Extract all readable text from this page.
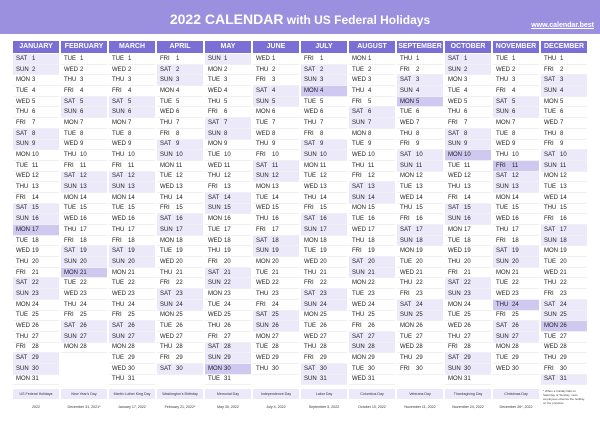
2022 CALENDAR with US Federal Holidays	www.calendar.best
JANUARY
SAT 1
SUN 2
MON 3
TUE 4
WED 5
THU 6
FRI	7
SAT 8
SUN 9
MON 10
TUE 11
WED 12
THU 13
FRI	14
SAT 15
SUN 16
MON 17
TUE 18
WED 19
THU 20
FRI	21
SAT 22
SUN 23
MON 24
TUE 25
WED 26
THU 27
FRI	28
SAT 29
SUN 30
MON 31
FEBRUARY
TUE 1
WED 2
THU 3
FRI	4
SAT 5
SUN 6
MON 7
TUE 8
WED 9
THU 10
FRI	11
SAT 12
SUN 13
MON 14
TUE 15
WED 16
THU 17
FRI	18
SAT 19
SUN 20
MON 21
TUE 22
WED 23
THU 24
FRI	25
SAT 26
SUN 27
MON 28
MARCH
TUE 1
WED 2
THU 3
FRI	4
SAT 5
SUN 6
MON 7
TUE 8
WED 9
THU 10
FRI	11
SAT 12
SUN 13
MON 14
TUE 15
WED 16
THU 17
FRI	18
SAT 19
SUN 20
MON 21
TUE 22
WED 23
THU 24
FRI	25
SAT 26
SUN 27
MON 28
TUE 29
WED 30
THU 31
APRIL
FRI	1
SAT 2
SUN 3
MON 4
TUE 5
WED 6
THU 7
FRI	8
SAT 9
SUN 10
MON 11
TUE 12
WED 13
THU 14
FRI	15
SAT 16
SUN 17
MON 18
TUE 19
WED 20
THU 21
FRI	22
SAT 23
SUN 24
MON 25
TUE 26
WED 27
THU 28
FRI	29
SAT 30
MAY
SUN 1
MON 2
TUE 3
WED 4
THU 5
FRI	6
SAT 7
SUN 8
MON 9
TUE 10
WED 11
THU 12
FRI	13
SAT 14
SUN 15
MON 16
TUE 17
WED 18
THU 19
FRI	20
SAT 21
SUN 22
MON 23
TUE 24
WED 25
THU 26
FRI	27
SAT 28
SUN 29
MON 30
TUE 31
JUNE
WED 1
THU 2
FRI	3
SAT 4
SUN 5
MON 6
TUE 7
WED 8
THU 9
FRI	10
SAT 11
SUN 12
MON 13
TUE 14
WED 15
THU 16
FRI	17
SAT 18
SUN 19
MON 20
TUE 21
WED 22
THU 23
FRI	24
SAT 25
SUN 26
MON 27
TUE 28
WED 29
THU 30
JULY
FRI	1
SAT 2
SUN 3
MON 4
TUE 5
WED 6
THU 7
FRI	8
SAT 9
SUN 10
MON 11
TUE 12
WED 13
THU 14
FRI	15
SAT 16
SUN 17
MON 18
TUE 19
WED 20
THU 21
FRI	22
SAT 23
SUN 24
MON 25
TUE 26
WED 27
THU 28
FRI	29
SAT 30
SUN 31
AUGUST
MON 1
TUE 2
WED 3
THU 4
FRI	5
SAT 6
SUN 7
MON 8
TUE 9
WED 10
THU 11
FRI	12
SAT 13
SUN 14
MON 15
TUE 16
WED 17
THU 18
FRI	19
SAT 20
SUN 21
MON 22
TUE 23
WED 24
THU 25
FRI	26
SAT 27
SUN 28
MON 29
TUE 30
WED 31
SEPTEMBER
THU 1
FRI	2
SAT 3
SUN 4
MON 5
TUE 6
WED 7
THU 8
FRI	9
SAT 10
SUN 11
MON 12
TUE 13
WED 14
THU 15
FRI	16
SAT 17
SUN 18
MON 19
TUE 20
WED 21
THU 22
FRI	23
SAT 24
SUN 25
MON 26
TUE 27
WED 28
THU 29
FRI	30
OCTOBER
SAT 1
SUN 2
MON 3
TUE 4
WED 5
THU 6
FRI	7
SAT 8
SUN 9
MON 10
TUE 11
WED 12
THU 13
FRI	14
SAT 15
SUN 16
MON 17
TUE 18
WED 19
THU 20
FRI	21
SAT 22
SUN 23
MON 24
TUE 25
WED 26
THU 27
FRI	28
SAT 29
SUN 30
MON 31
NOVEMBER
TUE 1
WED 2
THU 3
FRI	4
SAT 5
SUN 6
MON 7
TUE 8
WED 9
THU 10
FRI	11
SAT 12
SUN 13
MON 14
TUE 15
WED 16
THU 17
FRI	18
SAT 19
SUN 20
MON 21
TUE 22
WED 23
THU 24
FRI	25
SAT 26
SUN 27
MON 28
TUE 29
WED 30
DECEMBER
THU 1
FRI	2
SAT 3
SUN 4
MON 5
TUE 6
WED 7
THU 8
FRI	9
SAT 10
SUN 11
MON 12
TUE 13
WED 14
THU 15
FRI	16
SAT 17
SUN 18
MON 19
TUE 20
WED 21
THU 22
FRI	23
SAT 24
SUN 25
MON 26
TUE 27
WED 28
THU 29
FRI	30
SAT 31
US Federal Holidays
2022
New Year's Day
December 31, 2021*
Martin Luther King Day
January 17, 2022
Washington's Birthday
February 21, 2022*
Memorial Day
May 30, 2022
Independence Day
July 4, 2022
Labor Day
September 5, 2022
Columbus Day
October 10, 2022
Veterans Day
November 11, 2022
Thanksgiving Day
November 24, 2022
Christmas Day
December 26*, 2022
* When a holiday falls on Saturday or Sunday, most employees observe the holiday on the previous
